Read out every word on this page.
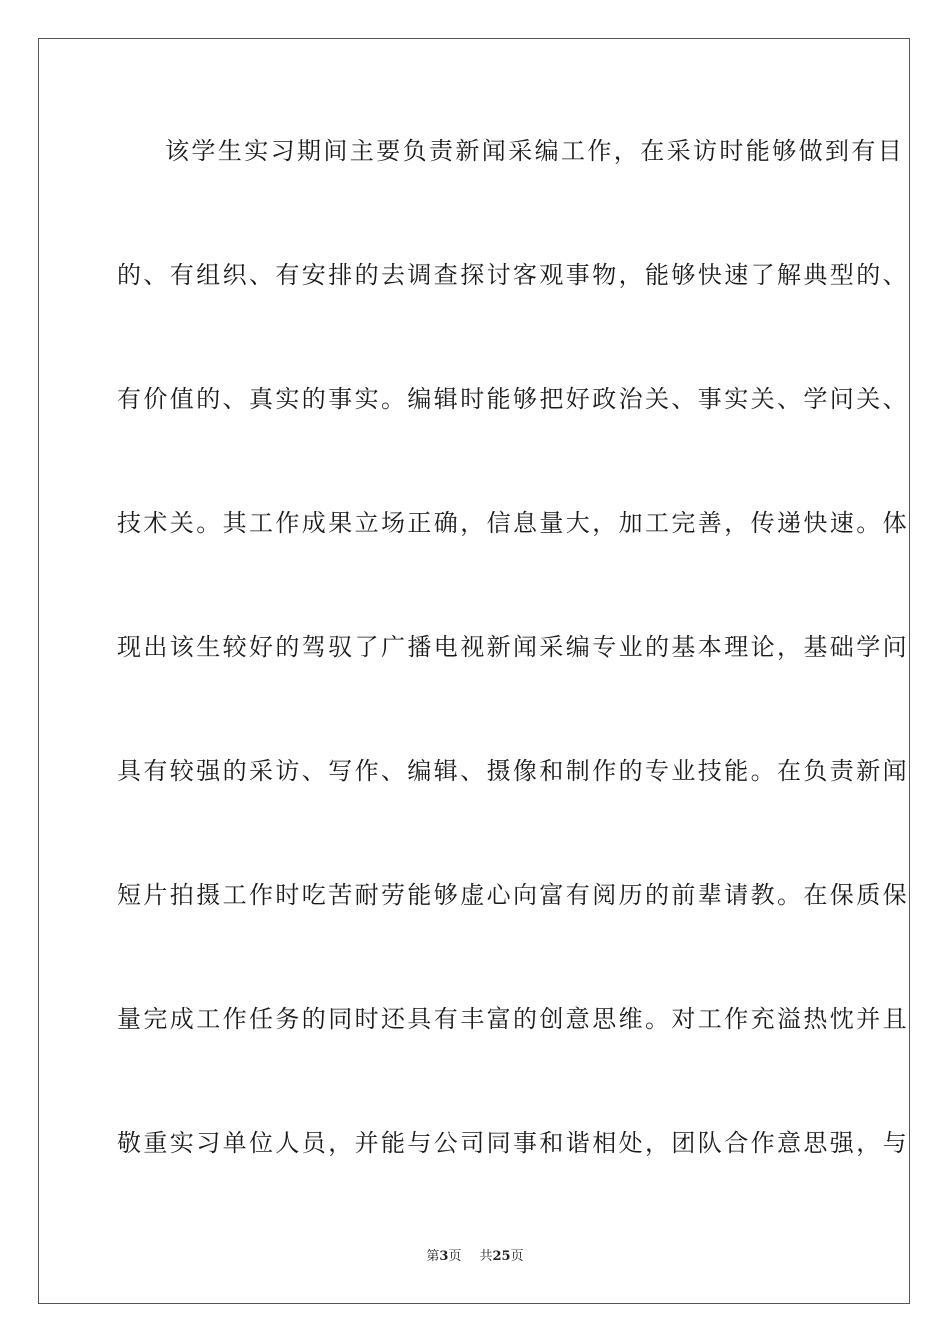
该学生实习期间主要负责新闻采编工作，在采访时能够做到有目
的、有组织、有安排的去调查探讨客观事物，能够快速了解典型的、
有价值的、真实的事实。编辑时能够把好政治关、事实关、学问关、
技术关。其工作成果立场正确，信息量大，加工完善，传递快速。体
现出该生较好的驾驭了广播电视新闻采编专业的基本理论，基础学问
具有较强的采访、写作、编辑、摄像和制作的专业技能。在负责新闻
短片拍摄工作时吃苦耐劳能够虚心向富有阅历的前辈请教。在保质保
量完成工作任务的同时还具有丰富的创意思维。对工作充溢热忱并且
敬重实习单位人员，并能与公司同事和谐相处，团队合作意思强，与
第3页 共25页
